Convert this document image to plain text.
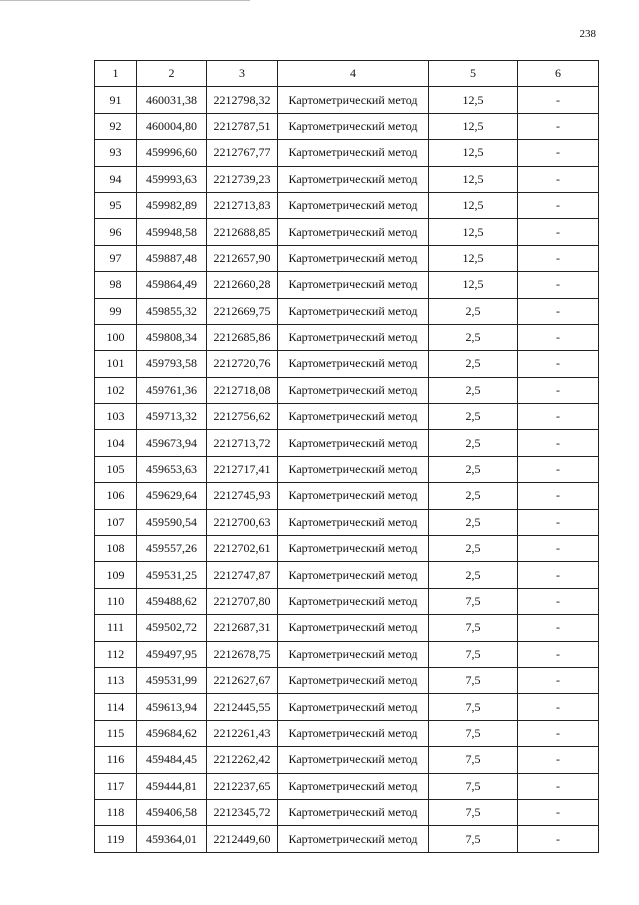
238
1	2	3	4	5	6
91	460031,38	2212798,32	Картометрический метод	12,5	-
92	460004,80	2212787,51	Картометрический метод	12,5	-
93	459996,60	2212767,77	Картометрический метод	12,5	-
94	459993,63	2212739,23	Картометрический метод	12,5	-
95	459982,89	2212713,83	Картометрический метод	12,5	-
96	459948,58	2212688,85	Картометрический метод	12,5	-
97	459887,48	2212657,90	Картометрический метод	12,5	-
98	459864,49	2212660,28	Картометрический метод	12,5	-
99	459855,32	2212669,75	Картометрический метод	2,5	-
100	459808,34	2212685,86	Картометрический метод	2,5	-
101	459793,58	2212720,76	Картометрический метод	2,5	-
102	459761,36	2212718,08	Картометрический метод	2,5	-
103	459713,32	2212756,62	Картометрический метод	2,5	-
104	459673,94	2212713,72	Картометрический метод	2,5	-
105	459653,63	2212717,41	Картометрический метод	2,5	-
106	459629,64	2212745,93	Картометрический метод	2,5	-
107	459590,54	2212700,63	Картометрический метод	2,5	-
108	459557,26	2212702,61	Картометрический метод	2,5	-
109	459531,25	2212747,87	Картометрический метод	2,5	-
110	459488,62	2212707,80	Картометрический метод	7,5	-
111	459502,72	2212687,31	Картометрический метод	7,5	-
112	459497,95	2212678,75	Картометрический метод	7,5	-
113	459531,99	2212627,67	Картометрический метод	7,5	-
114	459613,94	2212445,55	Картометрический метод	7,5	-
115	459684,62	2212261,43	Картометрический метод	7,5	-
116	459484,45	2212262,42	Картометрический метод	7,5	-
117	459444,81	2212237,65	Картометрический метод	7,5	-
118	459406,58	2212345,72	Картометрический метод	7,5	-
119	459364,01	2212449,60	Картометрический метод	7,5	-
